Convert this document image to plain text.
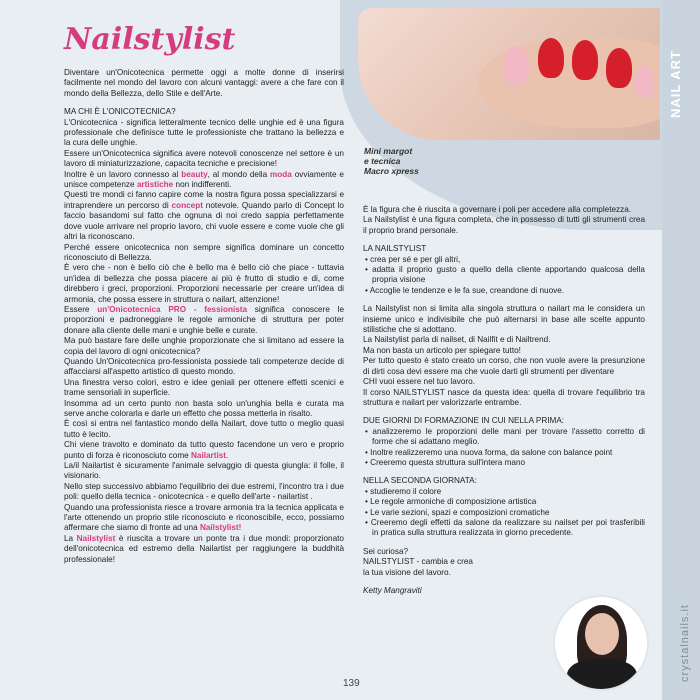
NAIL ART
crystalnails.it
Nailstylist
Mini margot
e tecnica
Macro xpress

Diventare un'Onicotecnica permette oggi a molte donne di inserirsi facilmente nel mondo del lavoro con alcuni vantaggi: avere a che fare con il mondo della Bellezza, dello Stile e dell'Arte.

MA CHI È L'ONICOTECNICA?

L'Onicotecnica - significa letteralmente tecnico delle unghie ed è una figura professionale che definisce tutte le professioniste che trattano la bellezza e la cura delle unghie.

Essere un'Onicotecnica significa avere notevoli conoscenze nel settore è un lavoro di miniaturizzazione, capacita tecniche e precisione!

Inoltre è un lavoro connesso al beauty, al mondo della moda ovviamente e unisce competenze artistiche non indifferenti.

Questi tre mondi ci fanno capire come la nostra figura possa specializzarsi e intraprendere un percorso di concept notevole. Quando parlo di Concept lo faccio basandomi sul fatto che ognuna di noi credo sappia perfettamente dove vuole arrivare nel proprio lavoro, chi vuole essere e come vuole che gli altri la riconoscano.

Perché essere onicotecnica non sempre significa dominare un concetto riconosciuto di Bellezza.

È vero che - non è bello ciò che è bello ma è bello ciò che piace - tuttavia un'idea di bellezza che possa piacere ai più è frutto di studio e di, come direbbero i greci, proporzioni. Proporzioni necessarie per creare un'idea di armonia, che possa essere in struttura o nailart, attenzione!

Essere un'Onicotecnica PRO - fessionista significa conoscere le proporzioni e padroneggiare le regole armoniche di struttura per poter donare alla cliente delle mani e unghie belle e curate.

Ma può bastare fare delle unghie proporzionate che si limitano ad essere la copia del lavoro di ogni onicotecnica?

Quando Un'Onicotecnica pro-fessionista possiede tali competenze decide di affacciarsi all'aspetto artistico di questo mondo.

Una finestra verso colori, estro e idee geniali per ottenere effetti scenici e trame sensoriali in superficie.

Insomma ad un certo punto non basta solo un'unghia bella e curata ma serve anche colorarla e darle un effetto che possa metterla in risalto.

È così si entra nel fantastico mondo della Nailart, dove tutto o meglio quasi tutto è lecito.

Chi viene travolto e dominato da tutto questo facendone un vero e proprio punto di forza è riconosciuto come Nailartist.

La/il Nailartist è sicuramente l'animale selvaggio di questa giungla: il folle, il visionario.

Nello step successivo abbiamo l'equilibrio dei due estremi, l'incontro tra i due poli: quello della tecnica - onicotecnica - e quello dell'arte - nailartist .

Quando una professionista riesce a trovare armonia tra la tecnica applicata e l'arte ottenendo un proprio stile riconosciuto e riconoscibile, ecco, possiamo affermare che siamo di fronte ad una Nailstylist!

La Nailstylist è riuscita a trovare un ponte tra i due mondi: proporzionato dell'onicotecnica ed estremo della Nailartist per raggiungere la buddhità professionale!

È la figura che è riuscita a governare i poli per accedere alla completezza.

La Nailstylist è una figura completa, che in possesso di tutti gli strumenti crea il proprio brand personale.

LA NAILSTYLIST

• crea per sé e per gli altri,

• adatta il proprio gusto a quello della cliente apportando qualcosa della propria visione

• Accoglie le tendenze e le fa sue, creandone di nuove.

La Nailstylist non si limita alla singola struttura o nailart ma le considera un insieme unico e indivisibile che può alternarsi in base alle scelte appunto stilistiche che si adottano.

La Nailstylist parla di nailset, di Nailfit e di Nailtrend.

Ma non basta un articolo per spiegare tutto!

Per tutto questo è stato creato un corso, che non vuole avere la presunzione di dirti cosa devi essere ma che vuole darti gli strumenti per diventare

CHI vuoi essere nel tuo lavoro.

Il corso NAILSTYLIST nasce da questa idea: quella di trovare l'equilibrio tra struttura e nailart per valorizzarle entrambe.

DUE GIORNI DI FORMAZIONE IN CUI NELLA PRIMA:

• analizzeremo le proporzioni delle mani per trovare l'assetto corretto di forme che si adattano meglio.

• Inoltre realizzeremo una nuova forma, da salone con balance point

• Creeremo questa struttura sull'intera mano

NELLA SECONDA GIORNATA:

• studieremo il colore

• Le regole armoniche di composizione artistica

• Le varie sezioni, spazi e composizioni cromatiche

• Creeremo degli effetti da salone da realizzare su nailset per poi trasferibili in pratica sulla struttura realizzata in giorno precedente.

Sei curiosa?

NAILSTYLIST - cambia e crea

la tua visione del lavoro.

Ketty Mangraviti

139
